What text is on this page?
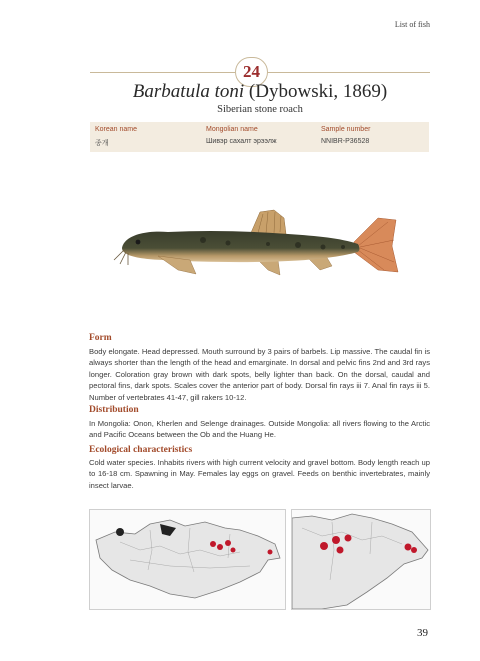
List of fish
24
Barbatula toni (Dybowski, 1869)
Siberian stone roach
Korean name	Mongolian name	Sample number
종개	Шивэр сахалт эрээлж	NNIBR-P36528
Form
Body elongate. Head depressed. Mouth surround by 3 pairs of barbels. Lip massive. The caudal fin is always shorter than the length of the head and emarginate. In dorsal and pelvic fins 2nd and 3rd rays longer. Coloration gray brown with dark spots, belly lighter than back. On the dorsal, caudal and pectoral fins, dark spots. Scales cover the anterior part of body. Dorsal fin rays iii 7. Anal fin rays iii 5. Number of vertebrates 41-47, gill rakers 10-12.
Distribution
In Mongolia: Onon, Kherlen and Selenge drainages. Outside Mongolia: all rivers flowing to the Arctic and Pacific Oceans between the Ob and the Huang He.
Ecological characteristics
Cold water species. Inhabits rivers with high current velocity and gravel bottom. Body length reach up to 16-18 cm. Spawning in May. Females lay eggs on gravel. Feeds on benthic invertebrates, mainly insect larvae.
39
